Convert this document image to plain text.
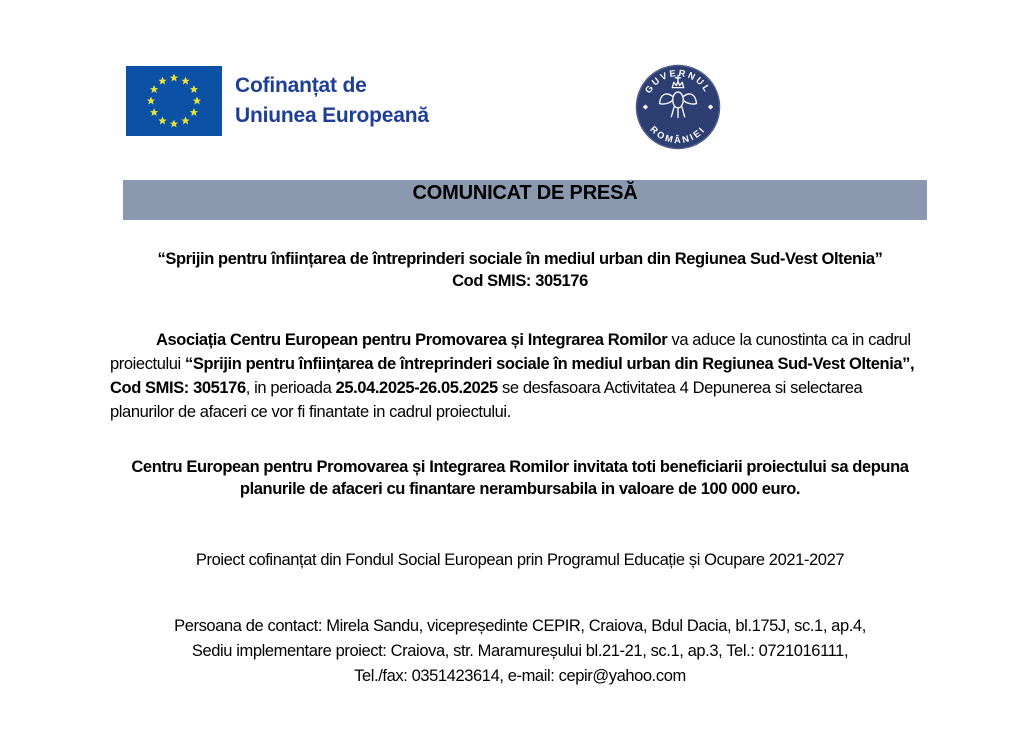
Cofinanțat de
Uniunea Europeană
GUVERNUL
ROMÂNIEI
COMUNICAT DE PRESĂ
“Sprijin pentru înființarea de întreprinderi sociale în mediul urban din Regiunea Sud-Vest Oltenia”
Cod SMIS: 305176

Asociația Centru European pentru Promovarea și Integrarea Romilor va aduce la cunostinta ca in cadrul proiectului “Sprijin pentru înființarea de întreprinderi sociale în mediul urban din Regiunea Sud-Vest Oltenia”, Cod SMIS: 305176, in perioada 25.04.2025-26.05.2025 se desfasoara Activitatea 4 Depunerea si selectarea planurilor de afaceri ce vor fi finantate in cadrul proiectului.

Centru European pentru Promovarea și Integrarea Romilor invitata toti beneficiarii proiectului sa depuna planurile de afaceri cu finantare nerambursabila in valoare de 100 000 euro.

Proiect cofinanțat din Fondul Social European prin Programul Educație și Ocupare 2021-2027

Persoana de contact: Mirela Sandu, vicepreședinte CEPIR, Craiova, Bdul Dacia, bl.175J, sc.1, ap.4,
Sediu implementare proiect: Craiova, str. Maramureșului bl.21-21, sc.1, ap.3, Tel.: 0721016111,
Tel./fax: 0351423614, e-mail: cepir@yahoo.com
